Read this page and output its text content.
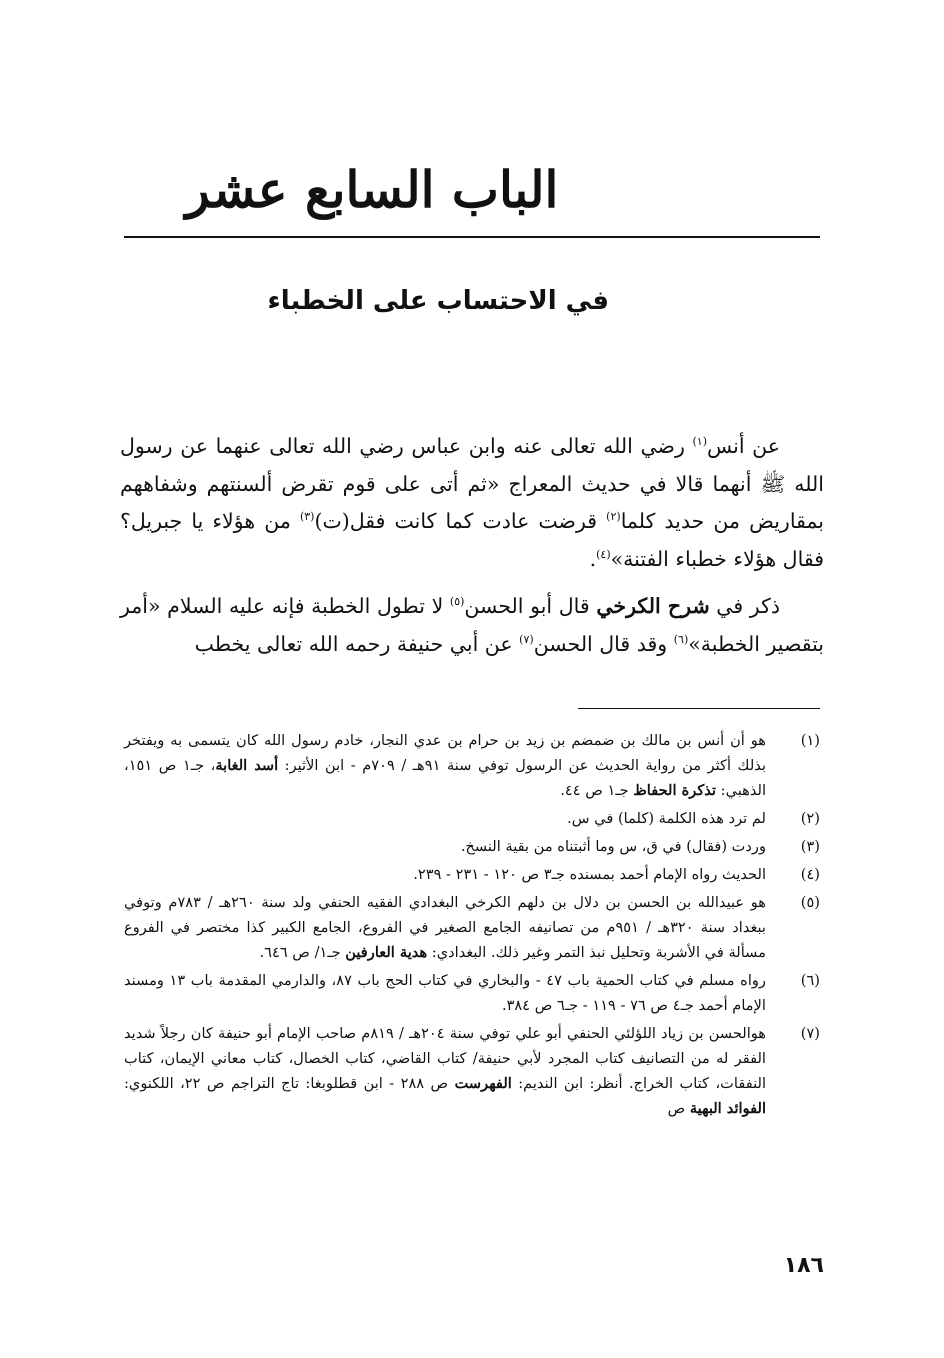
الباب السابع عشر
في الاحتساب على الخطباء

عن أنس$^{(١)}$ رضي الله تعالى عنه وابن عباس رضي الله تعالى عنهما عن رسول الله ﷺ أنهما قالا في حديث المعراج «ثم أتى على قوم تقرض ألسنتهم وشفاههم بمقاريض من حديد كلما$^{(٢)}$ قرضت عادت كما كانت فقل(ت)$^{(٣)}$ من هؤلاء يا جبريل؟ فقال هؤلاء خطباء الفتنة»$^{(٤)}$.

ذكر في شرح الكرخي قال أبو الحسن$^{(٥)}$ لا تطول الخطبة فإنه عليه السلام «أمر بتقصير الخطبة»$^{(٦)}$ وقد قال الحسن$^{(٧)}$ عن أبي حنيفة رحمه الله تعالى يخطب

(١)
هو أن أنس بن مالك بن ضمضم بن زيد بن حرام بن عدي النجار، خادم رسول الله كان يتسمى به ويفتخر بذلك أكثر من رواية الحديث عن الرسول توفي سنة ٩١هـ / ٧٠٩م - ابن الأثير: أسد الغابة، جـ١ ص ١٥١، الذهبي: تذكرة الحفاظ جـ١ ص ٤٤.
(٢)
لم ترد هذه الكلمة (كلما) في س.
(٣)
وردت (فقال) في ق، س وما أثبتناه من بقية النسخ.
(٤)
الحديث رواه الإمام أحمد بمسنده جـ٣ ص ١٢٠ - ٢٣١ - ٢٣٩.
(٥)
هو عبيدالله بن الحسن بن دلال بن دلهم الكرخي البغدادي الفقيه الحنفي ولد سنة ٢٦٠هـ / ٧٨٣م وتوفي ببغداد سنة ٣٢٠هـ / ٩٥١م من تصانيفه الجامع الصغير في الفروع، الجامع الكبير كذا مختصر في الفروع مسألة في الأشربة وتحليل نبذ التمر وغير ذلك. البغدادي: هدية العارفين جـ١/ ص ٦٤٦.
(٦)
رواه مسلم في كتاب الحمية باب ٤٧ - والبخاري في كتاب الحج باب ٨٧، والدارمي المقدمة باب ١٣ ومسند الإمام أحمد جـ٤ ص ٧٦ - ١١٩ - جـ٦ ص ٣٨٤.
(٧)
هوالحسن بن زياد اللؤلئي الحنفي أبو علي توفي سنة ٢٠٤هـ / ٨١٩م صاحب الإمام أبو حنيفة كان رجلاً شديد الفقر له من التصانيف كتاب المجرد لأبي حنيفة/ كتاب القاضي، كتاب الخصال، كتاب معاني الإيمان، كتاب النفقات، كتاب الخراج. أنظر: ابن النديم: الفهرست ص ٢٨٨ - ابن قطلوبغا: تاج التراجم ص ٢٢، اللكنوي: الفوائد البهية ص
١٨٦
